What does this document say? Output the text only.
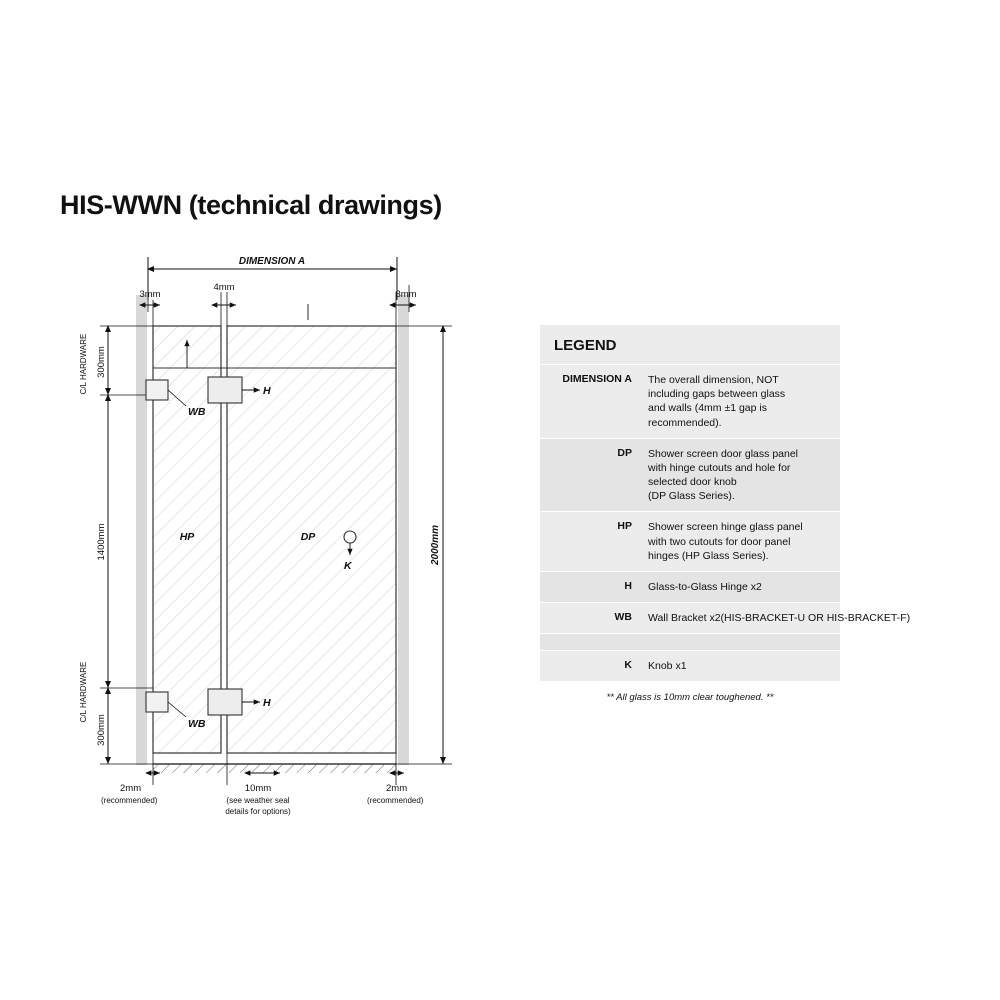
HIS-WWN (technical drawings)
DIMENSION A
3mm
4mm
3mm
2000mm
300mm
C/L HARDWARE
1400mm
300mm
C/L HARDWARE
WB
H
WB
H
K
HP	DP
2mm
(recommended)
10mm
(see weather seal
details for options)
2mm
(recommended)
LEGEND
DIMENSION A	The overall dimension, NOT
including gaps between glass
and walls (4mm ±1 gap is
recommended).
DP	Shower screen door glass panel
with hinge cutouts and hole for
selected door knob
(DP Glass Series).
HP	Shower screen hinge glass panel
with two cutouts for door panel
hinges (HP Glass Series).
H	Glass-to-Glass Hinge x2
WB	Wall Bracket x2(HIS-BRACKET-U OR HIS-BRACKET-F)
K	Knob x1
** All glass is 10mm clear toughened. **
